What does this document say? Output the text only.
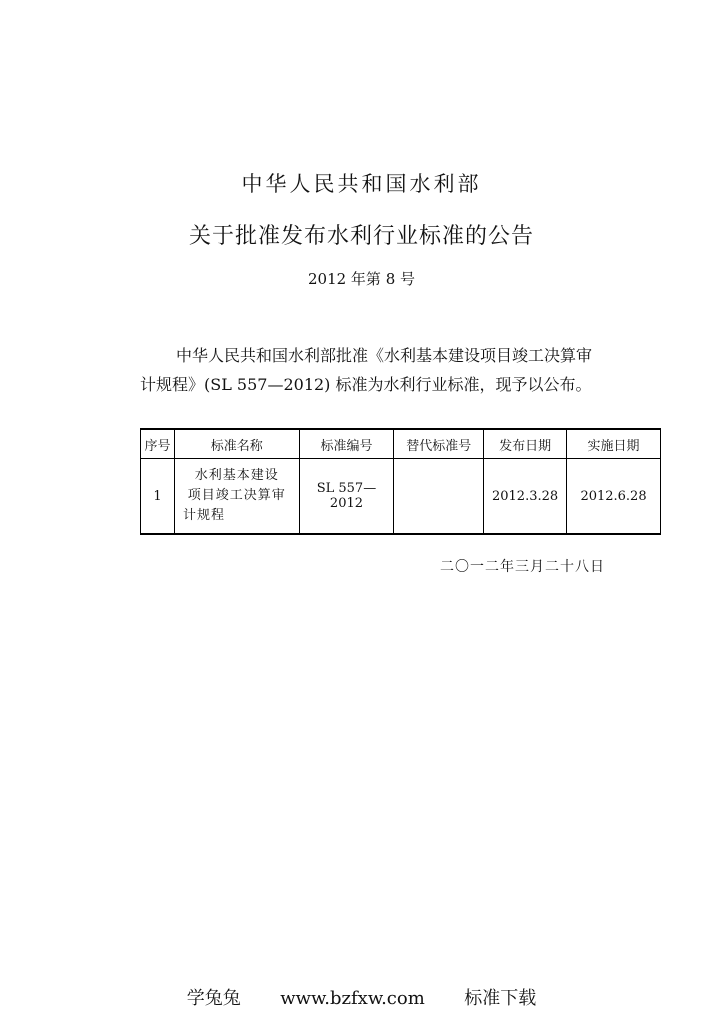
中华人民共和国水利部
关于批准发布水利行业标准的公告
2012 年第 8 号
中华人民共和国水利部批准《水利基本建设项目竣工决算审
计规程》(SL 557—2012) 标准为水利行业标准，现予以公布。
序号	标准名称	标准编号	替代标准号	发布日期	实施日期
1	水利基本建设
项目竣工决算审
计规程	SL 557—2012		2012.3.28	2012.6.28
二〇一二年三月二十八日
学兔兔 www.bzfxw.com 标准下载
